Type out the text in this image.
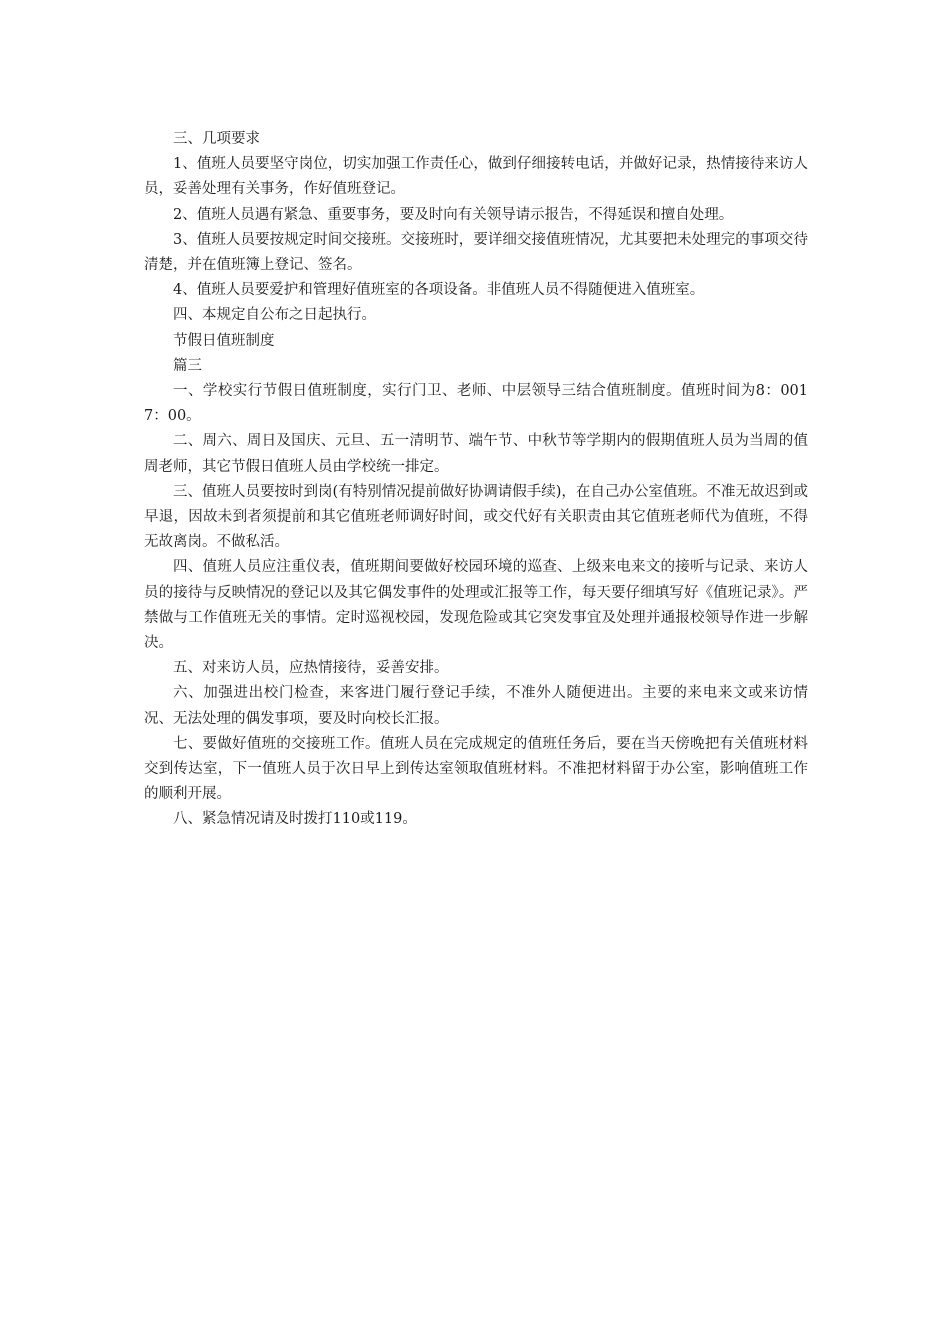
三、几项要求

1、值班人员要坚守岗位，切实加强工作责任心，做到仔细接转电话，并做好记录，热情接待来访人员，妥善处理有关事务，作好值班登记。

2、值班人员遇有紧急、重要事务，要及时向有关领导请示报告，不得延误和擅自处理。

3、值班人员要按规定时间交接班。交接班时，要详细交接值班情况，尤其要把未处理完的事项交待清楚，并在值班簿上登记、签名。

4、值班人员要爱护和管理好值班室的各项设备。非值班人员不得随便进入值班室。

四、本规定自公布之日起执行。

节假日值班制度

篇三

一、学校实行节假日值班制度，实行门卫、老师、中层领导三结合值班制度。值班时间为8：0017：00。

二、周六、周日及国庆、元旦、五一清明节、端午节、中秋节等学期内的假期值班人员为当周的值周老师，其它节假日值班人员由学校统一排定。

三、值班人员要按时到岗(有特别情况提前做好协调请假手续)，在自己办公室值班。不准无故迟到或早退，因故未到者须提前和其它值班老师调好时间，或交代好有关职责由其它值班老师代为值班，不得无故离岗。不做私活。

四、值班人员应注重仪表，值班期间要做好校园环境的巡查、上级来电来文的接听与记录、来访人员的接待与反映情况的登记以及其它偶发事件的处理或汇报等工作，每天要仔细填写好《值班记录》。严禁做与工作值班无关的事情。定时巡视校园，发现危险或其它突发事宜及处理并通报校领导作进一步解决。

五、对来访人员，应热情接待，妥善安排。

六、加强进出校门检查，来客进门履行登记手续，不准外人随便进出。主要的来电来文或来访情况、无法处理的偶发事项，要及时向校长汇报。

七、要做好值班的交接班工作。值班人员在完成规定的值班任务后，要在当天傍晚把有关值班材料交到传达室，下一值班人员于次日早上到传达室领取值班材料。不准把材料留于办公室，影响值班工作的顺利开展。

八、紧急情况请及时拨打110或119。
